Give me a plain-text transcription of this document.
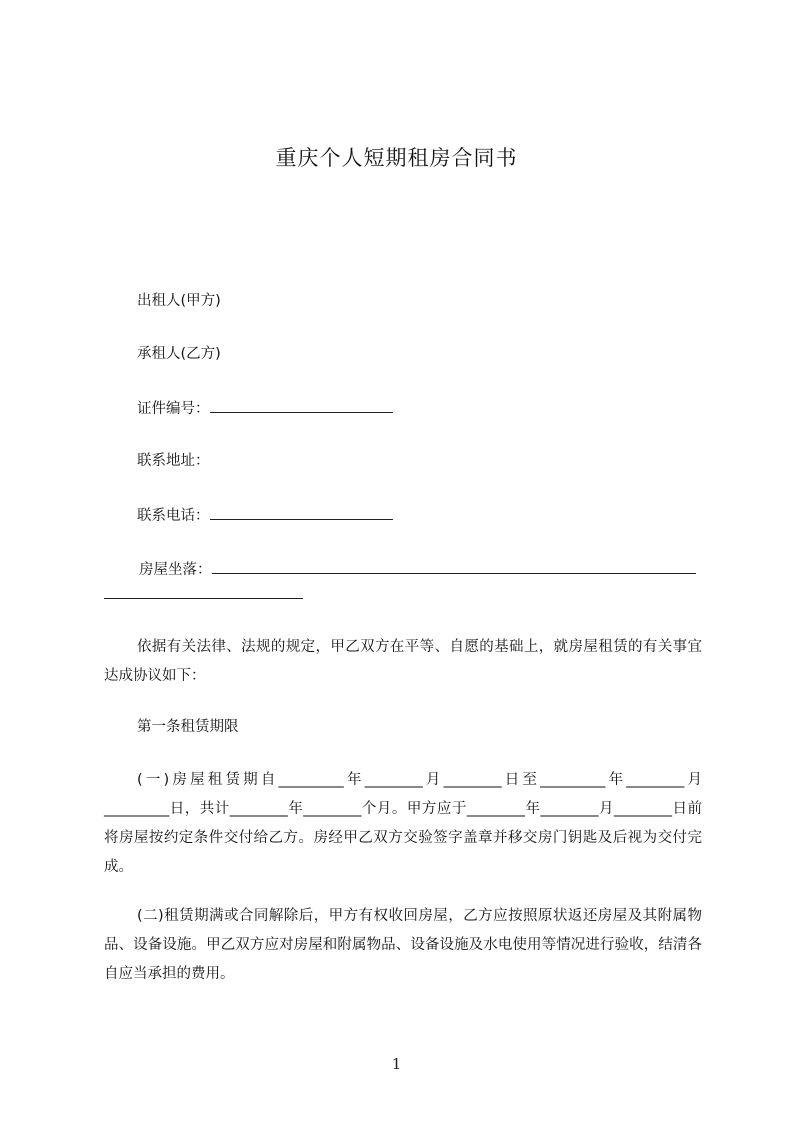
重庆个人短期租房合同书
出租人(甲方)
承租人(乙方)
证件编号：
联系地址：
联系电话：
房屋坐落：
依据有关法律、法规的规定，甲乙双方在平等、自愿的基础上，就房屋租赁的有关事宜达成协议如下：
第一条租赁期限
(一)房屋租赁期自_________年________月________日至_________年________月_________日，共计________年________个月。甲方应于________年________月________日前将房屋按约定条件交付给乙方。房经甲乙双方交验签字盖章并移交房门钥匙及后视为交付完成。
(二)租赁期满或合同解除后，甲方有权收回房屋，乙方应按照原状返还房屋及其附属物品、设备设施。甲乙双方应对房屋和附属物品、设备设施及水电使用等情况进行验收，结清各自应当承担的费用。
1
